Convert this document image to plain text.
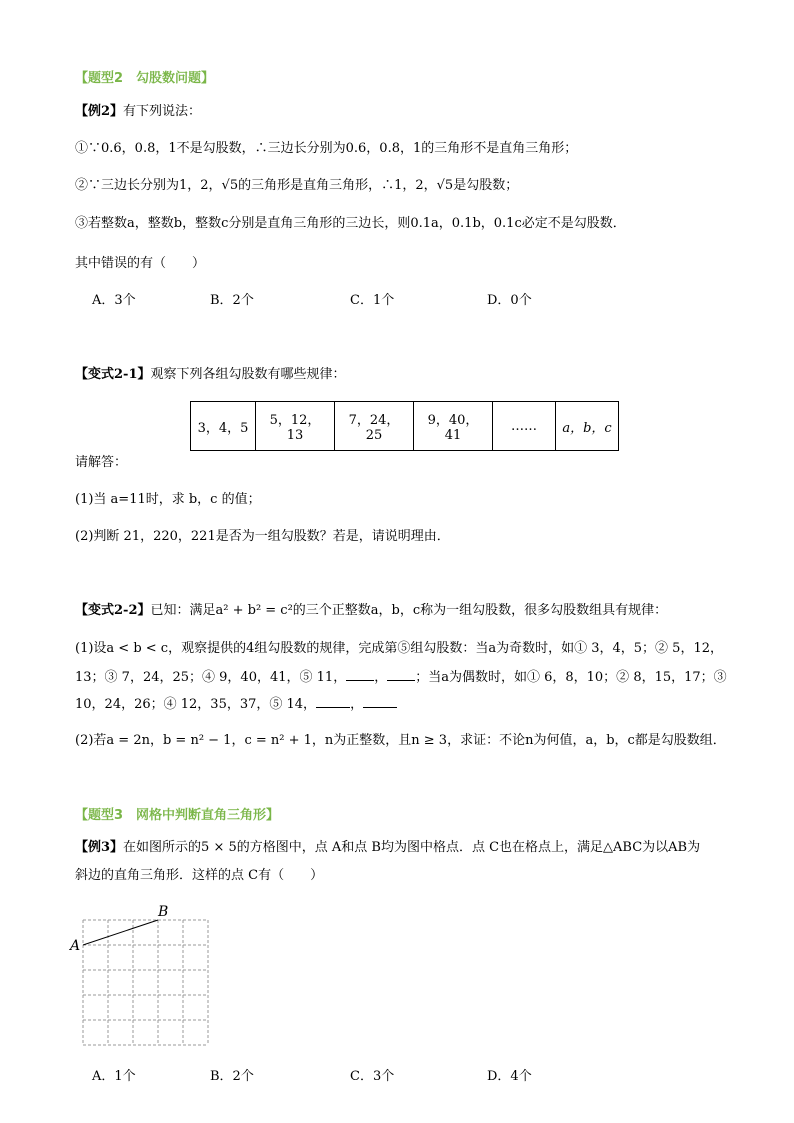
【题型2　勾股数问题】
【例2】有下列说法：
①∵0.6，0.8，1不是勾股数，∴三边长分别为0.6，0.8，1的三角形不是直角三角形；
②∵三边长分别为1，2，√5的三角形是直角三角形，∴1，2，√5是勾股数；
③若整数a，整数b，整数c分别是直角三角形的三边长，则0.1a，0.1b，0.1c必定不是勾股数．
其中错误的有（　　）
A．3个	B．2个	C．1个	D．0个
【变式2-1】观察下列各组勾股数有哪些规律：
3，4，5	5，12，13	7，24，25	9，40，41	……	a，b，c
请解答：
(1)当 a=11时，求 b，c 的值；
(2)判断 21，220，221是否为一组勾股数？若是，请说明理由．
【变式2-2】已知：满足a² + b² = c²的三个正整数a，b，c称为一组勾股数，很多勾股数组具有规律：
(1)设a < b < c，观察提供的4组勾股数的规律，完成第⑤组勾股数：当a为奇数时，如① 3，4，5；② 5，12，
13；③ 7，24，25；④ 9，40，41，⑤ 11， ， ；当a为偶数时，如① 6，8，10；② 8，15，17；③
10，24，26；④ 12，35，37，⑤ 14，	，
(2)若a = 2n，b = n² − 1，c = n² + 1，n为正整数，且n ≥ 3，求证：不论n为何值，a，b，c都是勾股数组．
【题型3　网格中判断直角三角形】
【例3】在如图所示的5 × 5的方格图中，点 A和点 B均为图中格点．点 C也在格点上，满足△ABC为以AB为
斜边的直角三角形．这样的点 C有（　　）
A
B
A．1个	B．2个	C．3个	D．4个
